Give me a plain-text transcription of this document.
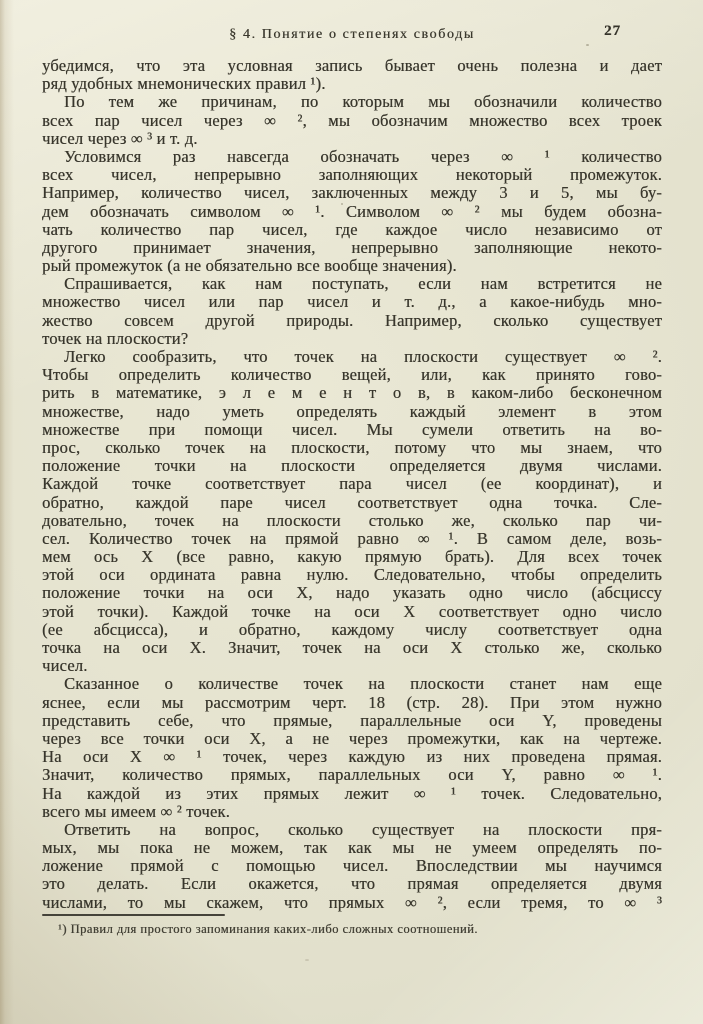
§ 4. Понятие о степенях свободы	27
убедимся, что эта условная запись бывает очень полезна и дает
ряд удобных мнемонических правил ¹).
По тем же причинам, по которым мы обозначили количество
всех пар чисел через ∞ ², мы обозначим множество всех троек
чисел через ∞ ³ и т. д.
Условимся раз навсегда обозначать через ∞ ¹ количество
всех чисел, непрерывно заполняющих некоторый промежуток.
Например, количество чисел, заключенных между 3 и 5, мы бу-
дем обозначать символом ∞ ¹. Символом ∞ ² мы будем обозна-
чать количество пар чисел, где каждое число независимо от
другого принимает значения, непрерывно заполняющие некото-
рый промежуток (а не обязательно все вообще значения).
Спрашивается, как нам поступать, если нам встретится не
множество чисел или пар чисел и т. д., а какое-нибудь мно-
жество совсем другой природы. Например, сколько существует
точек на плоскости?
Легко сообразить, что точек на плоскости существует ∞ ².
Чтобы определить количество вещей, или, как принято гово-
рить в математике, э л е м е н т о в, в каком-либо бесконечном
множестве, надо уметь определять каждый элемент в этом
множестве при помощи чисел. Мы сумели ответить на во-
прос, сколько точек на плоскости, потому что мы знаем, что
положение точки на плоскости определяется двумя числами.
Каждой точке соответствует пара чисел (ее координат), и
обратно, каждой паре чисел соответствует одна точка. Сле-
довательно, точек на плоскости столько же, сколько пар чи-
сел. Количество точек на прямой равно ∞ ¹. В самом деле, возь-
мем ось X (все равно, какую прямую брать). Для всех точек
этой оси ордината равна нулю. Следовательно, чтобы определить
положение точки на оси X, надо указать одно число (абсциссу
этой точки). Каждой точке на оси X соответствует одно число
(ее абсцисса), и обратно, каждому числу соответствует одна
точка на оси X. Значит, точек на оси X столько же, сколько
чисел.
Сказанное о количестве точек на плоскости станет нам еще
яснее, если мы рассмотрим черт. 18 (стр. 28). При этом нужно
представить себе, что прямые, параллельные оси Y, проведены
через все точки оси X, а не через промежутки, как на чертеже.
На оси X ∞ ¹ точек, через каждую из них проведена прямая.
Значит, количество прямых, параллельных оси Y, равно ∞ ¹.
На каждой из этих прямых лежит ∞ ¹ точек. Следовательно,
всего мы имеем ∞ ² точек.
Ответить на вопрос, сколько существует на плоскости пря-
мых, мы пока не можем, так как мы не умеем определять по-
ложение прямой с помощью чисел. Впоследствии мы научимся
это делать. Если окажется, что прямая определяется двумя
числами, то мы скажем, что прямых ∞ ², если тремя, то ∞ ³
¹) Правил для простого запоминания каких-либо сложных соотношений.
